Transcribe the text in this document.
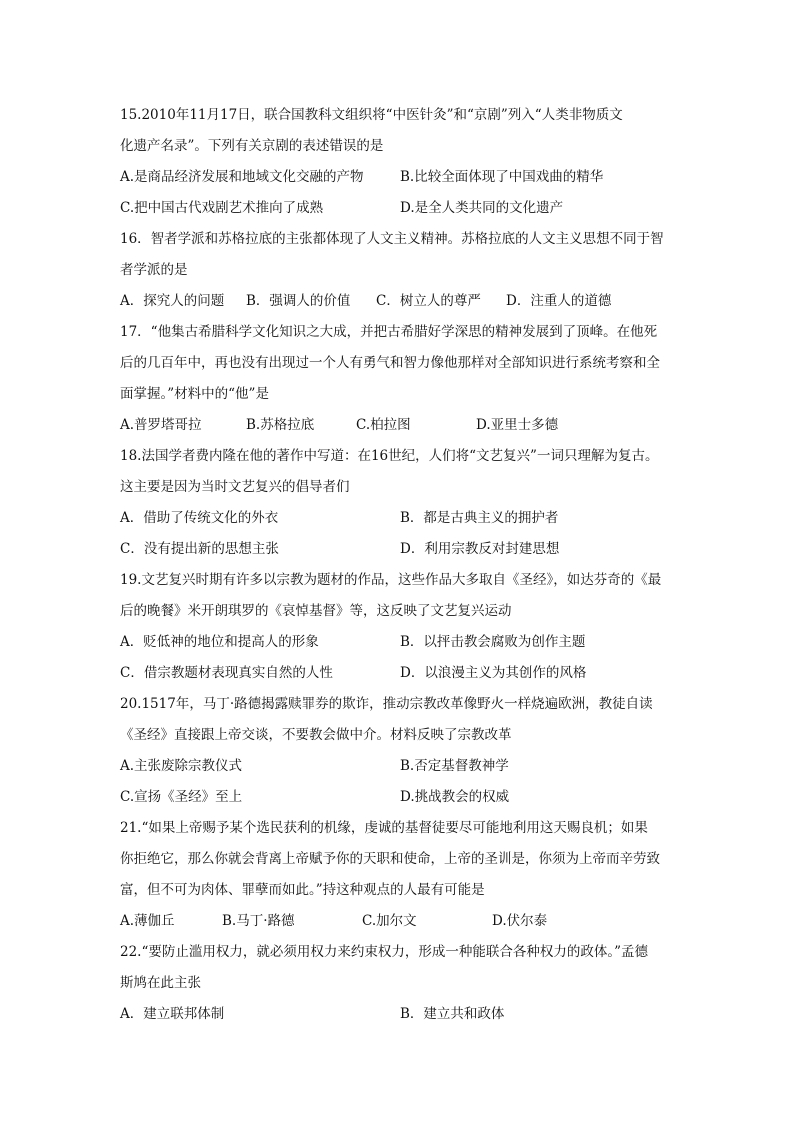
15.2010年11月17日，联合国教科文组织将“中医针灸”和“京剧”列入“人类非物质文
化遗产名录”。下列有关京剧的表述错误的是
A.是商品经济发展和地域文化交融的产物	B.比较全面体现了中国戏曲的精华
C.把中国古代戏剧艺术推向了成熟	D.是全人类共同的文化遗产
16．智者学派和苏格拉底的主张都体现了人文主义精神。苏格拉底的人文主义思想不同于智
者学派的是
A．探究人的问题 B．强调人的价值 C．树立人的尊严 D．注重人的道德
17．“他集古希腊科学文化知识之大成，并把古希腊好学深思的精神发展到了顶峰。在他死
后的几百年中，再也没有出现过一个人有勇气和智力像他那样对全部知识进行系统考察和全
面掌握。”材料中的“他”是
A.普罗塔哥拉	B.苏格拉底	C.柏拉图	D.亚里士多德
18.法国学者费内隆在他的著作中写道：在16世纪，人们将“文艺复兴”一词只理解为复古。
这主要是因为当时文艺复兴的倡导者们
A．借助了传统文化的外衣	B．都是古典主义的拥护者
C．没有提出新的思想主张	D．利用宗教反对封建思想
19.文艺复兴时期有许多以宗教为题材的作品，这些作品大多取自《圣经》，如达芬奇的《最
后的晚餐》米开朗琪罗的《哀悼基督》等，这反映了文艺复兴运动
A．贬低神的地位和提高人的形象	B．以抨击教会腐败为创作主题
C．借宗教题材表现真实自然的人性	D．以浪漫主义为其创作的风格
20.1517年，马丁·路德揭露赎罪券的欺诈，推动宗教改革像野火一样烧遍欧洲，教徒自读
《圣经》直接跟上帝交谈，不要教会做中介。材料反映了宗教改革
A.主张废除宗教仪式	B.否定基督教神学
C.宣扬《圣经》至上	D.挑战教会的权威
21.“如果上帝赐予某个选民获利的机缘，虔诚的基督徒要尽可能地利用这天赐良机；如果
你拒绝它，那么你就会背离上帝赋予你的天职和使命，上帝的圣训是，你须为上帝而辛劳致
富，但不可为肉体、罪孽而如此。”持这种观点的人最有可能是
A.薄伽丘	B.马丁·路德	C.加尔文	D.伏尔泰
22.“要防止滥用权力，就必须用权力来约束权力，形成一种能联合各种权力的政体。”孟德
斯鸠在此主张
A．建立联邦体制	B．建立共和政体
